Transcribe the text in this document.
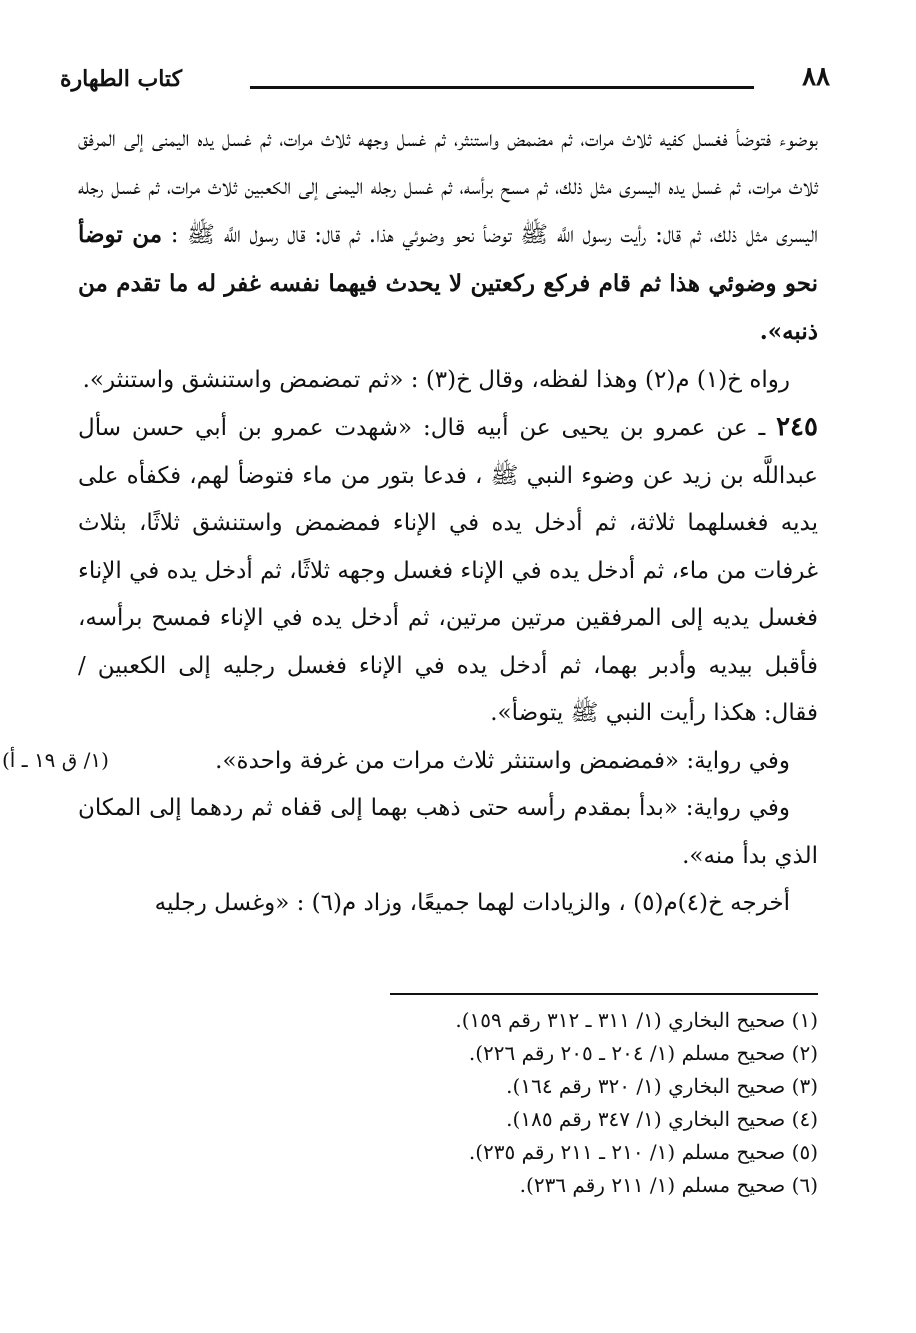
كتاب الطهارة	٨٨

بوضوء فتوضأ فغسل كفيه ثلاث مرات، ثم مضمض واستنثر، ثم غسل وجهه ثلاث مرات، ثم غسل يده اليمنى إلى المرفق ثلاث مرات، ثم غسل يده اليسرى مثل ذلك، ثم مسح برأسه، ثم غسل رجله اليمنى إلى الكعبين ثلاث مرات، ثم غسل رجله اليسرى مثل ذلك، ثم قال: رأيت رسول اللَّه ﷺ توضأ نحو وضوئي هذا. ثم قال: قال رسول اللَّه ﷺ : من توضأ نحو وضوئي هذا ثم قام فركع ركعتين لا يحدث فيهما نفسه غفر له ما تقدم من ذنبه».

رواه خ(١) م(٢) وهذا لفظه، وقال خ(٣) : «ثم تمضمض واستنشق واستنثر».

٢٤٥ ـ عن عمرو بن يحيى عن أبيه قال: «شهدت عمرو بن أبي حسن سأل عبداللَّه بن زيد عن وضوء النبي ﷺ ، فدعا بتور من ماء فتوضأ لهم، فكفأه على يديه فغسلهما ثلاثة، ثم أدخل يده في الإناء فمضمض واستنشق ثلاثًا، بثلاث غرفات من ماء، ثم أدخل يده في الإناء فغسل وجهه ثلاثًا، ثم أدخل يده في الإناء فغسل يديه إلى المرفقين مرتين مرتين، ثم أدخل يده في الإناء فمسح برأسه، فأقبل بيديه وأدبر بهما، ثم أدخل يده في الإناء فغسل رجليه إلى الكعبين / فقال: هكذا رأيت النبي ﷺ يتوضأ».

وفي رواية: «فمضمض واستنثر ثلاث مرات من غرفة واحدة».

وفي رواية: «بدأ بمقدم رأسه حتى ذهب بهما إلى قفاه ثم ردهما إلى المكان الذي بدأ منه».

أخرجه خ(٤)م(٥) ، والزيادات لهما جميعًا، وزاد م(٦) : «وغسل رجليه

(١/ ق ١٩ ـ أ)
(١) صحيح البخاري (١/ ٣١١ ـ ٣١٢ رقم ١٥٩).
(٢) صحيح مسلم (١/ ٢٠٤ ـ ٢٠٥ رقم ٢٢٦).
(٣) صحيح البخاري (١/ ٣٢٠ رقم ١٦٤).
(٤) صحيح البخاري (١/ ٣٤٧ رقم ١٨٥).
(٥) صحيح مسلم (١/ ٢١٠ ـ ٢١١ رقم ٢٣٥).
(٦) صحيح مسلم (١/ ٢١١ رقم ٢٣٦).
